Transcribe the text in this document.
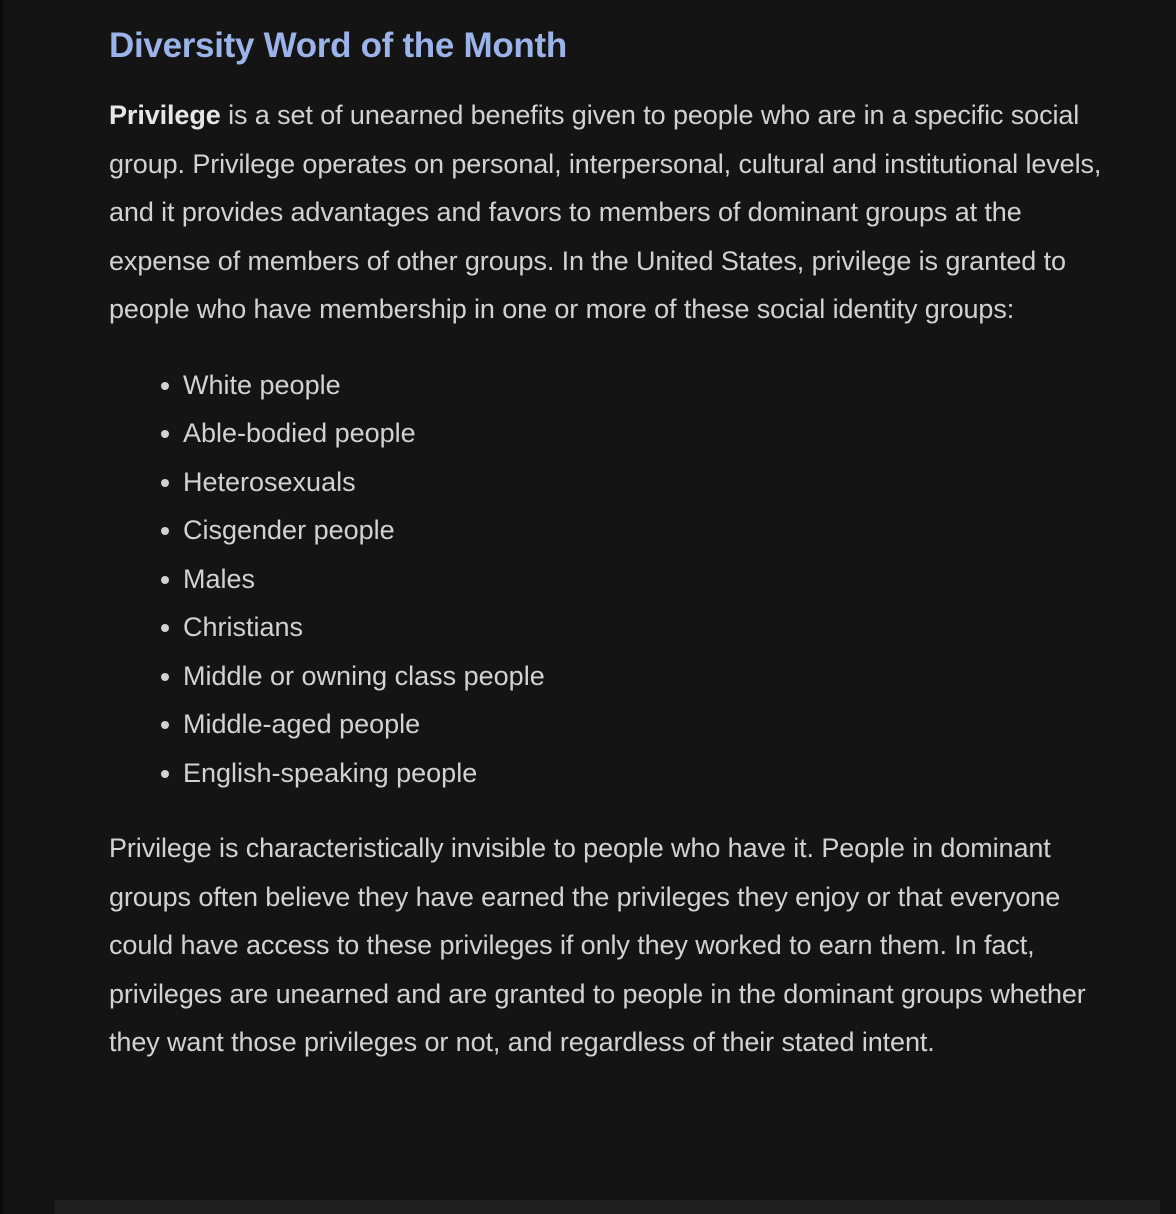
Diversity Word of the Month

Privilege is a set of unearned benefits given to people who are in a specific social group. Privilege operates on personal, interpersonal, cultural and institutional levels, and it provides advantages and favors to members of dominant groups at the expense of members of other groups. In the United States, privilege is granted to people who have membership in one or more of these social identity groups:

White people
Able-bodied people
Heterosexuals
Cisgender people
Males
Christians
Middle or owning class people
Middle-aged people
English-speaking people

Privilege is characteristically invisible to people who have it. People in dominant groups often believe they have earned the privileges they enjoy or that everyone could have access to these privileges if only they worked to earn them. In fact, privileges are unearned and are granted to people in the dominant groups whether they want those privileges or not, and regardless of their stated intent.
